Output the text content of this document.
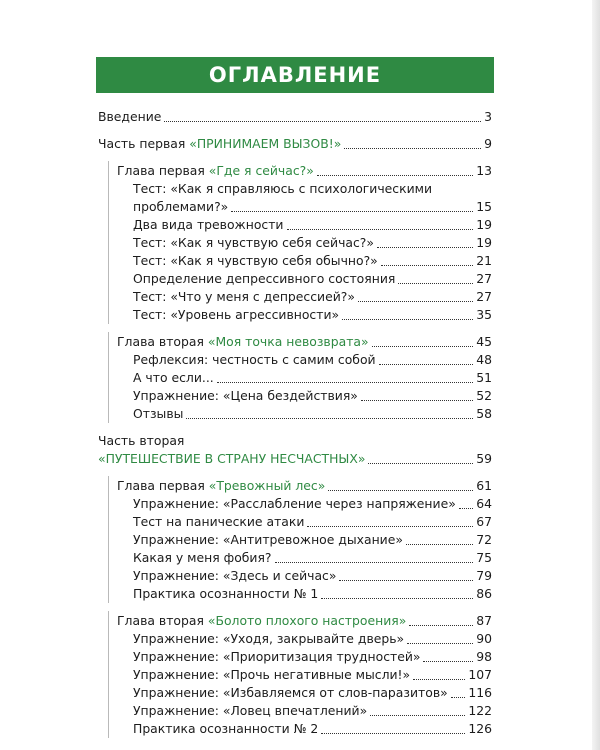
ОГЛАВЛЕНИЕ
Введение	3
Часть первая «ПРИНИМАЕМ ВЫЗОВ!»	9
Глава первая «Где я сейчас?»	13
Тест: «Как я справляюсь с психологическими
проблемами?»	15
Два вида тревожности	19
Тест: «Как я чувствую себя сейчас?»	19
Тест: «Как я чувствую себя обычно?»	21
Определение депрессивного состояния	27
Тест: «Что у меня с депрессией?»	27
Тест: «Уровень агрессивности»	35
Глава вторая «Моя точка невозврата»	45
Рефлексия: честность с самим собой	48
А что если...	51
Упражнение: «Цена бездействия»	52
Отзывы	58
Часть вторая
«ПУТЕШЕСТВИЕ В СТРАНУ НЕСЧАСТНЫХ»	59
Глава первая «Тревожный лес»	61
Упражнение: «Расслабление через напряжение» 64
Тест на панические атаки	67
Упражнение: «Антитревожное дыхание»	72
Какая у меня фобия?	75
Упражнение: «Здесь и сейчас»	79
Практика осознанности № 1	86
Глава вторая «Болото плохого настроения»	87
Упражнение: «Уходя, закрывайте дверь»	90
Упражнение: «Приоритизация трудностей»	98
Упражнение: «Прочь негативные мысли!»	107
Упражнение: «Избавляемся от слов-паразитов» 116
Упражнение: «Ловец впечатлений»	122
Практика осознанности № 2	126
